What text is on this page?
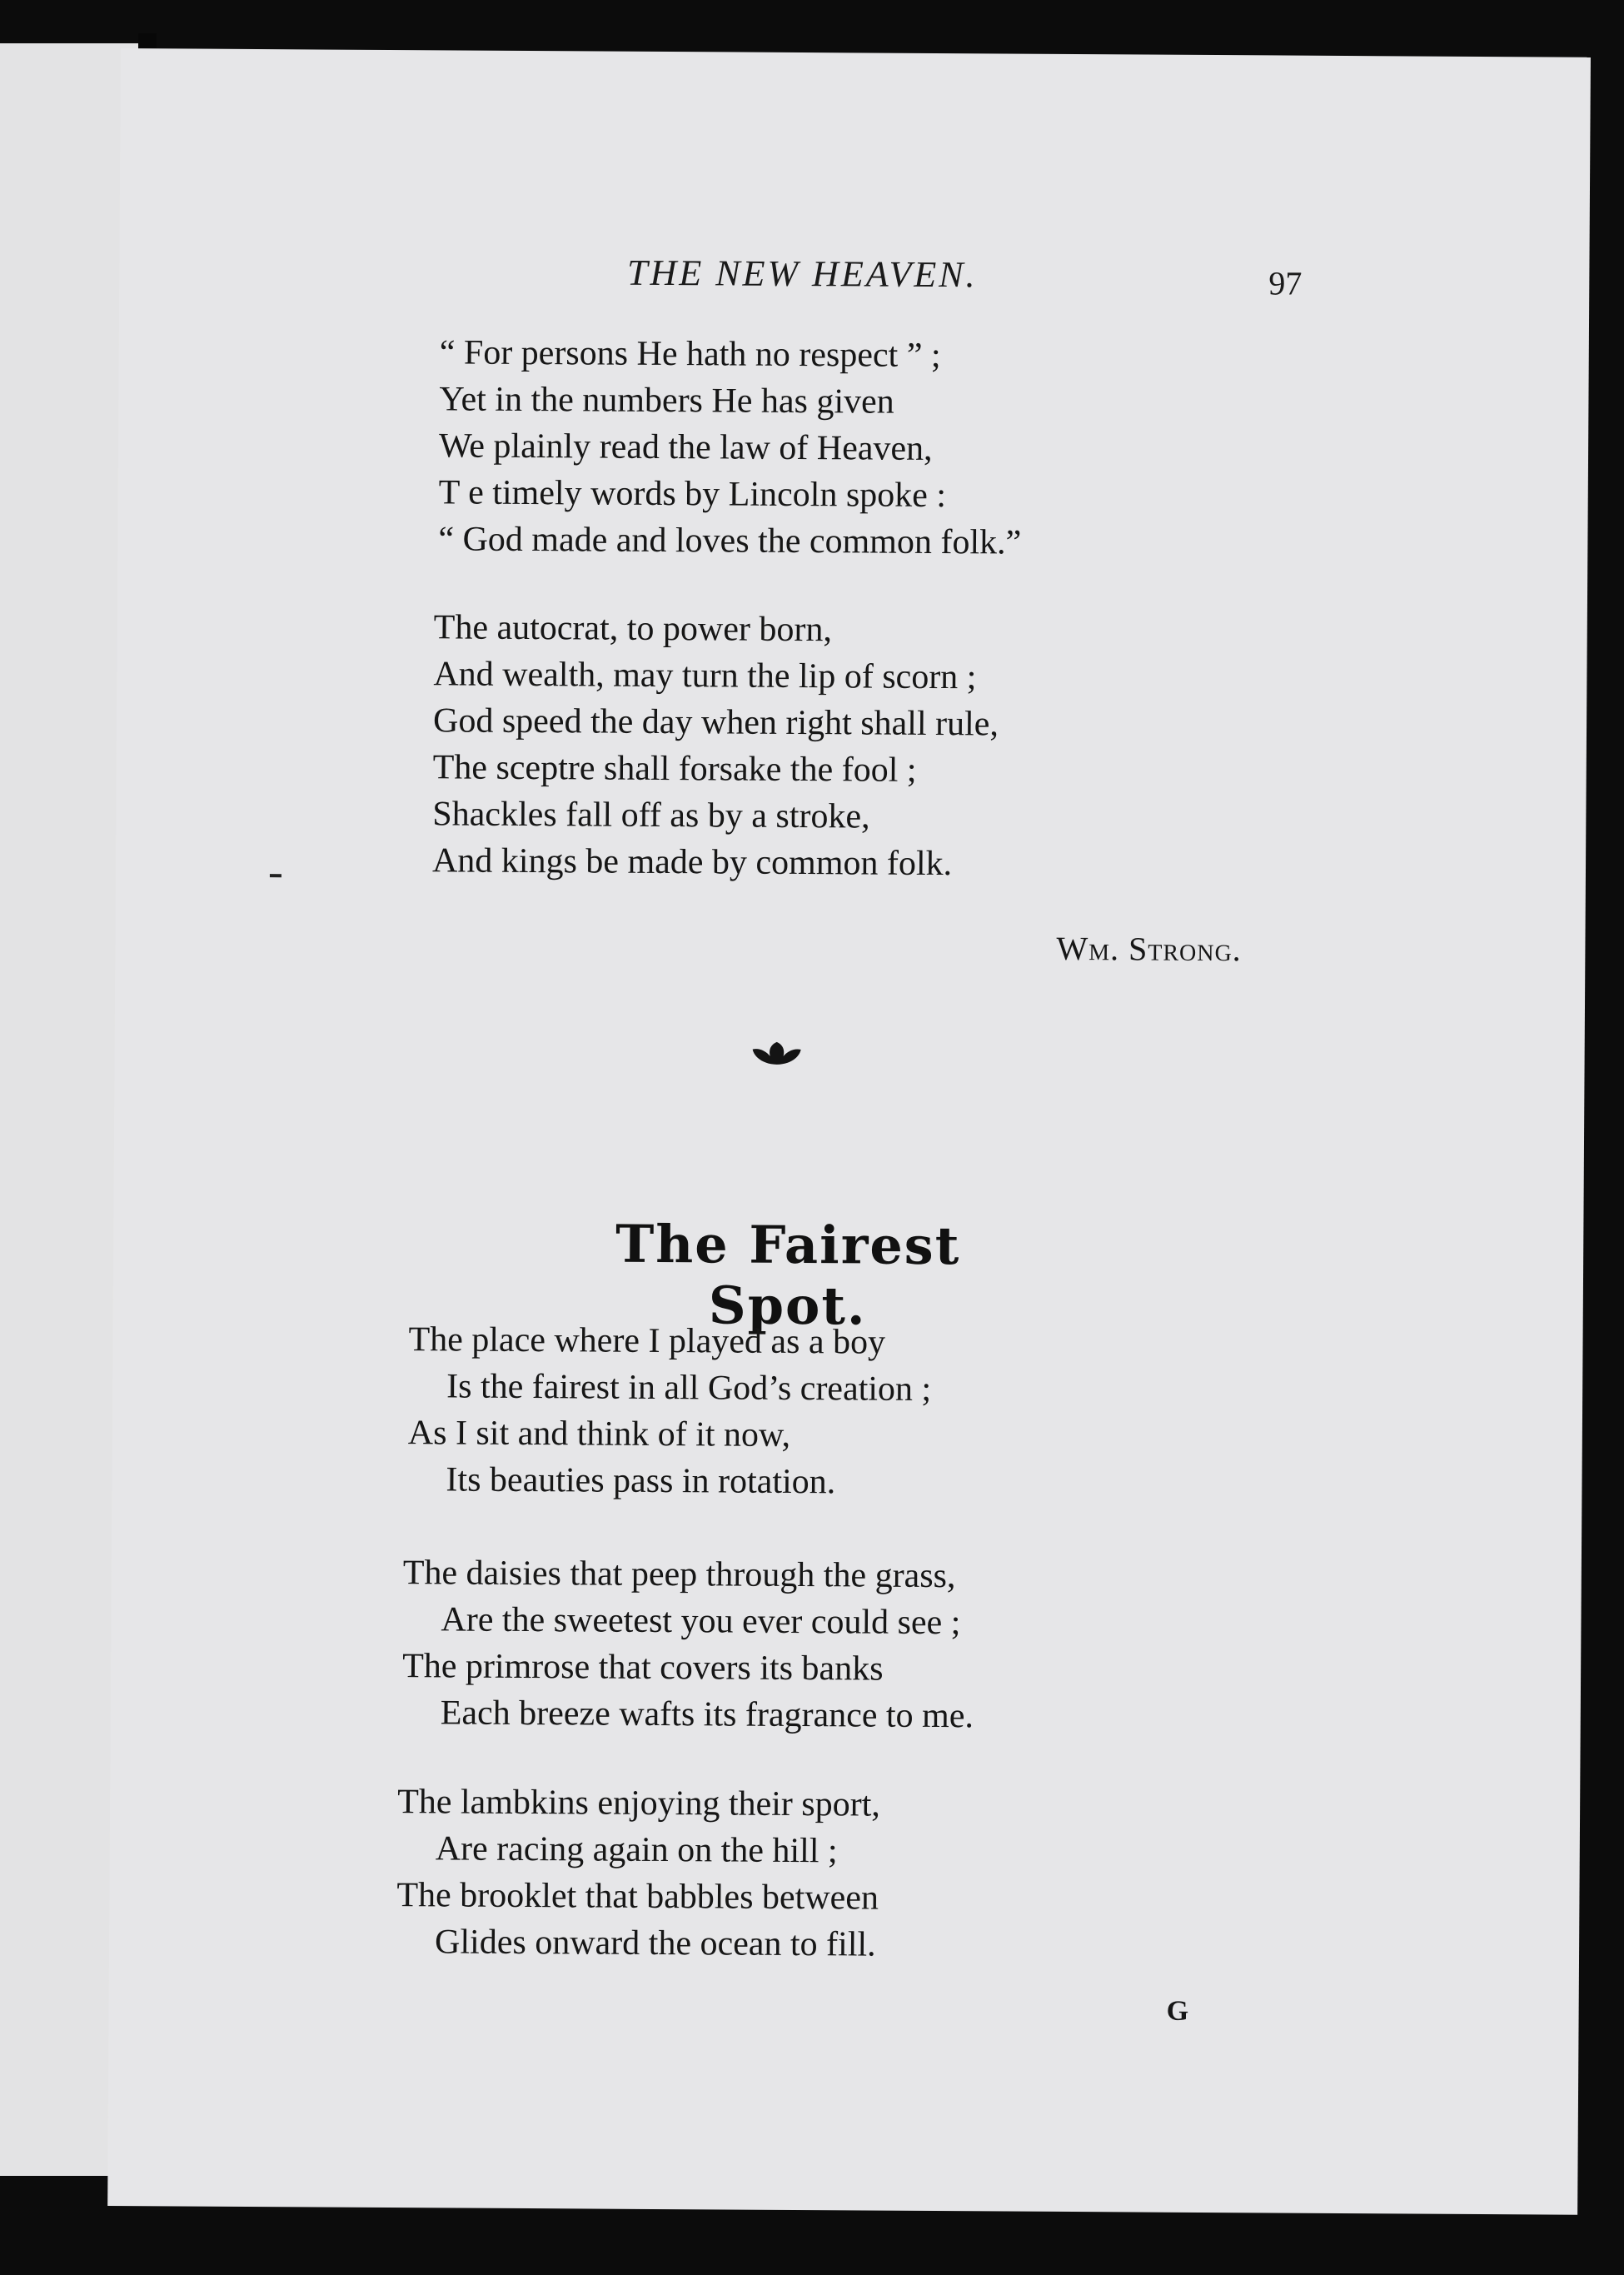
THE NEW HEAVEN.	97

“ For persons He hath no respect ” ;
Yet in the numbers He has given
We plainly read the law of Heaven,
T e timely words by Lincoln spoke :
“ God made and loves the common folk.”

The autocrat, to power born,
And wealth, may turn the lip of scorn ;
God speed the day when right shall rule,
The sceptre shall forsake the fool ;
Shackles fall off as by a stroke,
And kings be made by common folk.

Wm. Strong.
The Fairest Spot.

The place where I played as a boy
Is the fairest in all God’s creation ;
As I sit and think of it now,
Its beauties pass in rotation.

The daisies that peep through the grass,
Are the sweetest you ever could see ;
The primrose that covers its banks
Each breeze wafts its fragrance to me.

The lambkins enjoying their sport,
Are racing again on the hill ;
The brooklet that babbles between
Glides onward the ocean to fill.

G
